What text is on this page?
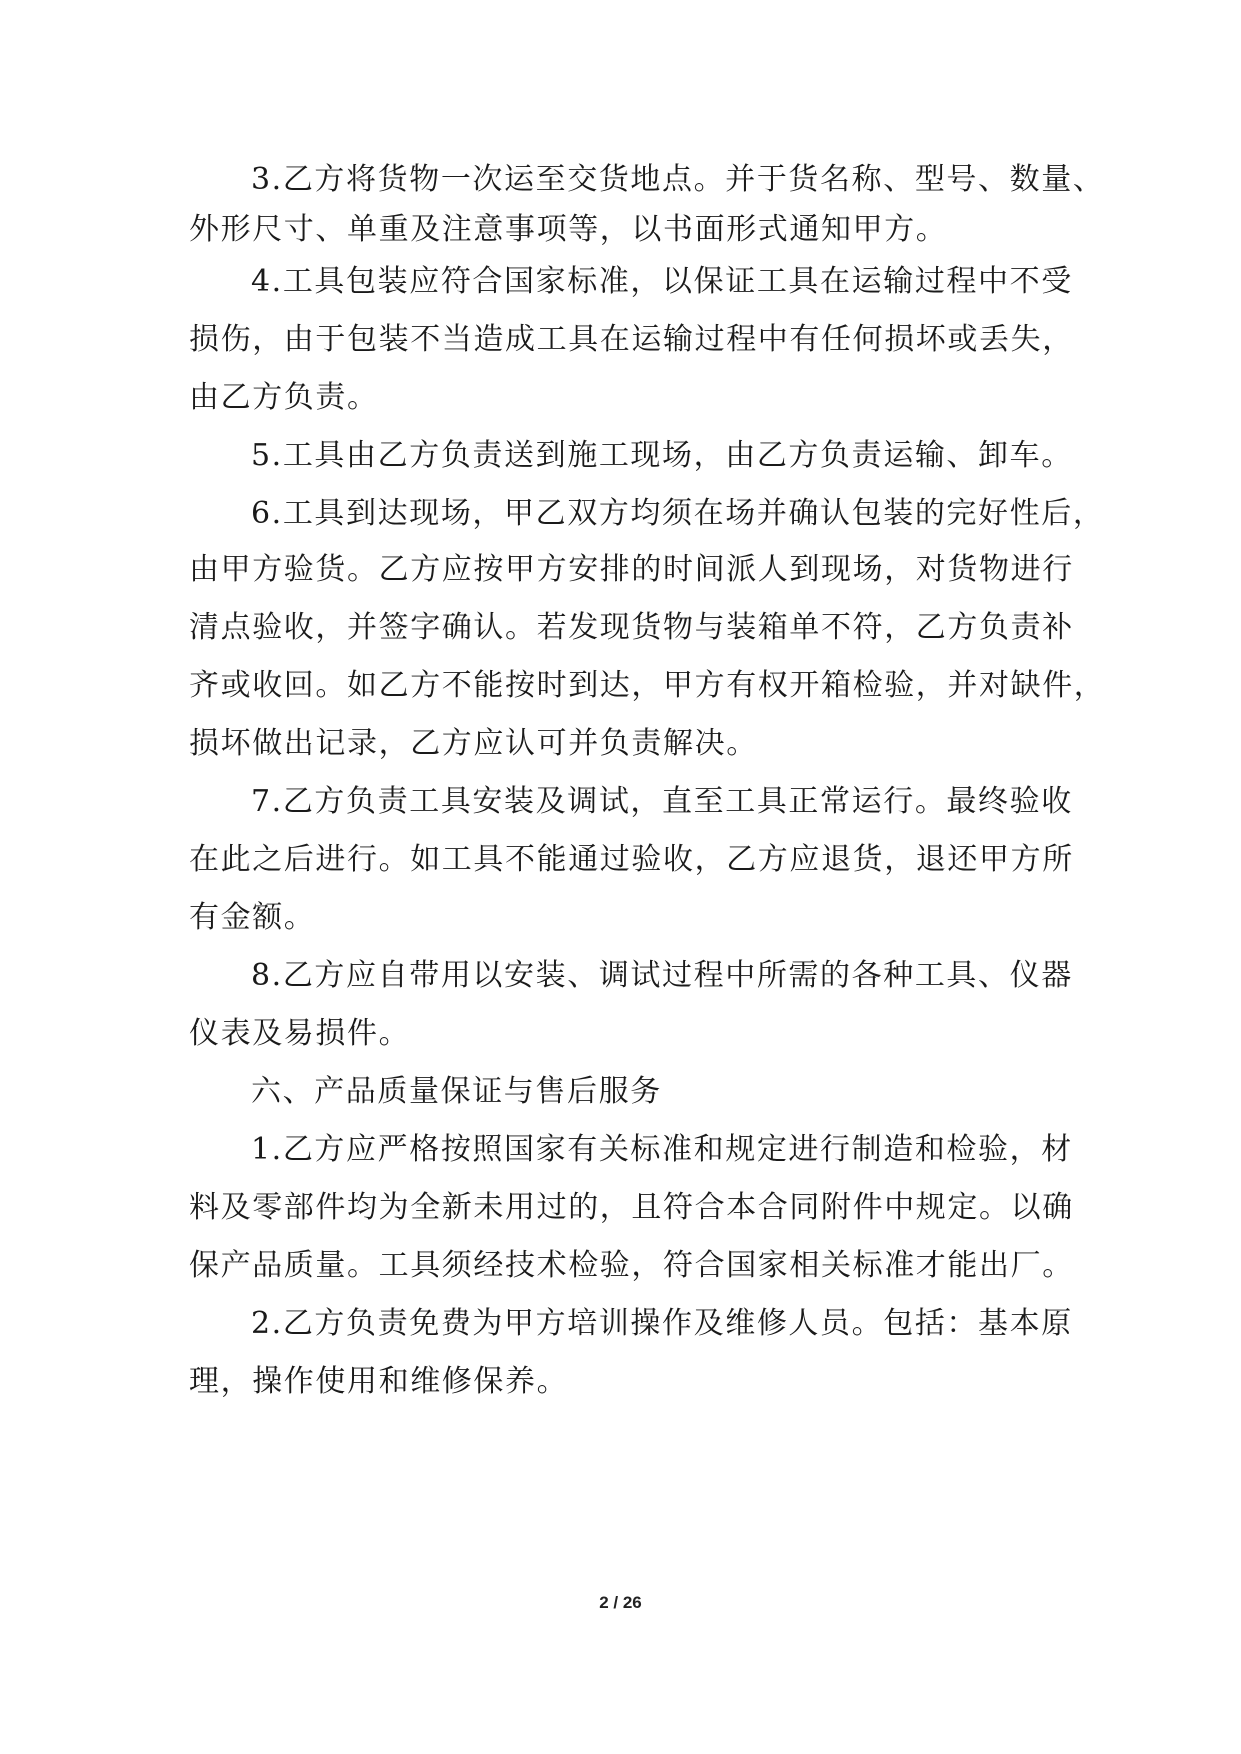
3.乙方将货物一次运至交货地点。并于货名称、型号、数量、
外形尺寸、单重及注意事项等，以书面形式通知甲方。
4.工具包装应符合国家标准，以保证工具在运输过程中不受
损伤，由于包装不当造成工具在运输过程中有任何损坏或丢失，
由乙方负责。
5.工具由乙方负责送到施工现场，由乙方负责运输、卸车。
6.工具到达现场，甲乙双方均须在场并确认包装的完好性后，
由甲方验货。乙方应按甲方安排的时间派人到现场，对货物进行
清点验收，并签字确认。若发现货物与装箱单不符，乙方负责补
齐或收回。如乙方不能按时到达，甲方有权开箱检验，并对缺件，
损坏做出记录，乙方应认可并负责解决。
7.乙方负责工具安装及调试，直至工具正常运行。最终验收
在此之后进行。如工具不能通过验收，乙方应退货，退还甲方所
有金额。
8.乙方应自带用以安装、调试过程中所需的各种工具、仪器
仪表及易损件。
六、产品质量保证与售后服务
1.乙方应严格按照国家有关标准和规定进行制造和检验，材
料及零部件均为全新未用过的，且符合本合同附件中规定。以确
保产品质量。工具须经技术检验，符合国家相关标准才能出厂。
2.乙方负责免费为甲方培训操作及维修人员。包括：基本原
理，操作使用和维修保养。
2 / 26
